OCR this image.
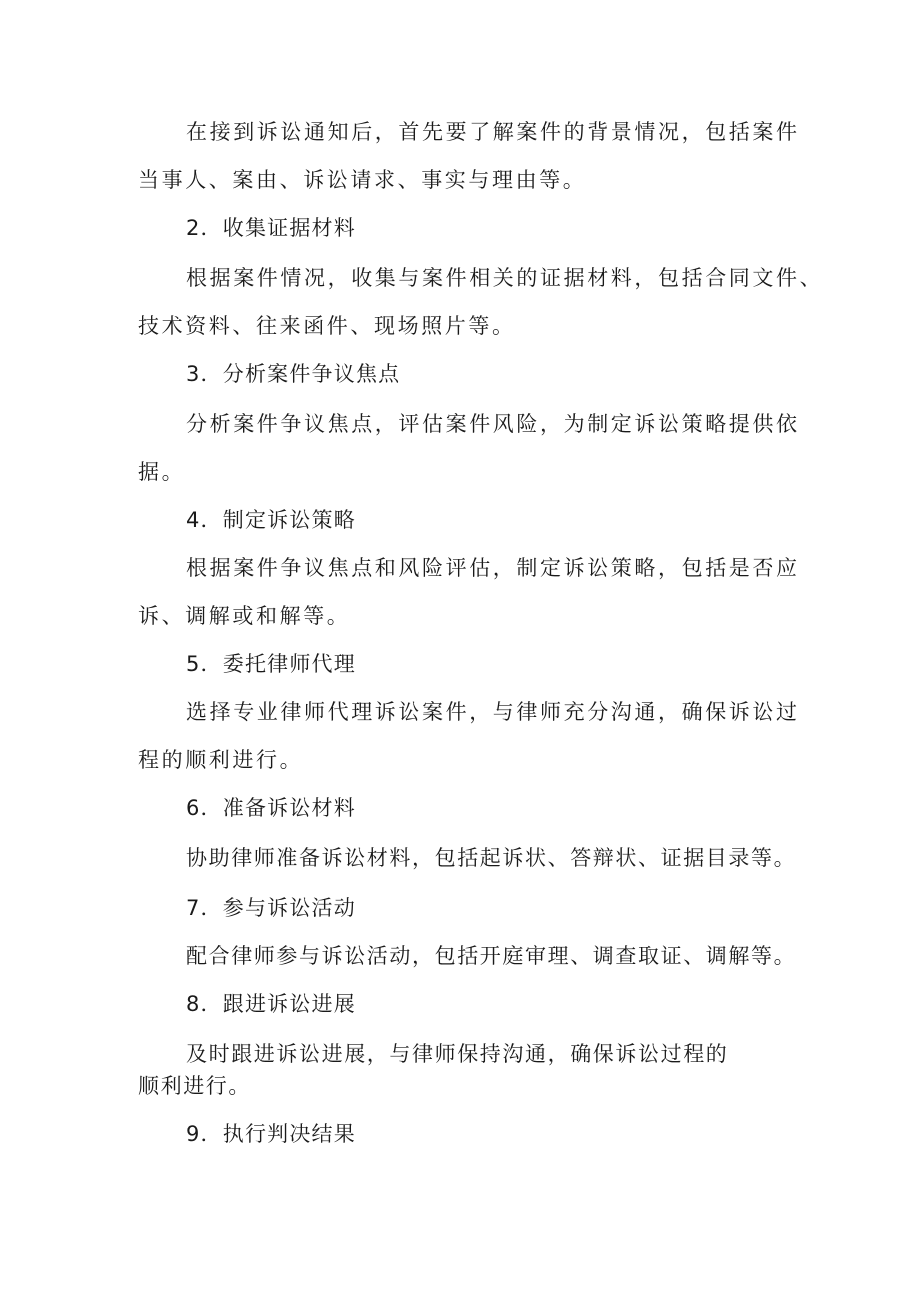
在接到诉讼通知后，首先要了解案件的背景情况，包括案件
当事人、案由、诉讼请求、事实与理由等。
2．收集证据材料
根据案件情况，收集与案件相关的证据材料，包括合同文件、
技术资料、往来函件、现场照片等。
3．分析案件争议焦点
分析案件争议焦点，评估案件风险，为制定诉讼策略提供依
据。
4．制定诉讼策略
根据案件争议焦点和风险评估，制定诉讼策略，包括是否应
诉、调解或和解等。
5．委托律师代理
选择专业律师代理诉讼案件，与律师充分沟通，确保诉讼过
程的顺利进行。
6．准备诉讼材料
协助律师准备诉讼材料，包括起诉状、答辩状、证据目录等。
7．参与诉讼活动
配合律师参与诉讼活动，包括开庭审理、调查取证、调解等。
8．跟进诉讼进展
及时跟进诉讼进展，与律师保持沟通，确保诉讼过程的
顺利进行。
9．执行判决结果
